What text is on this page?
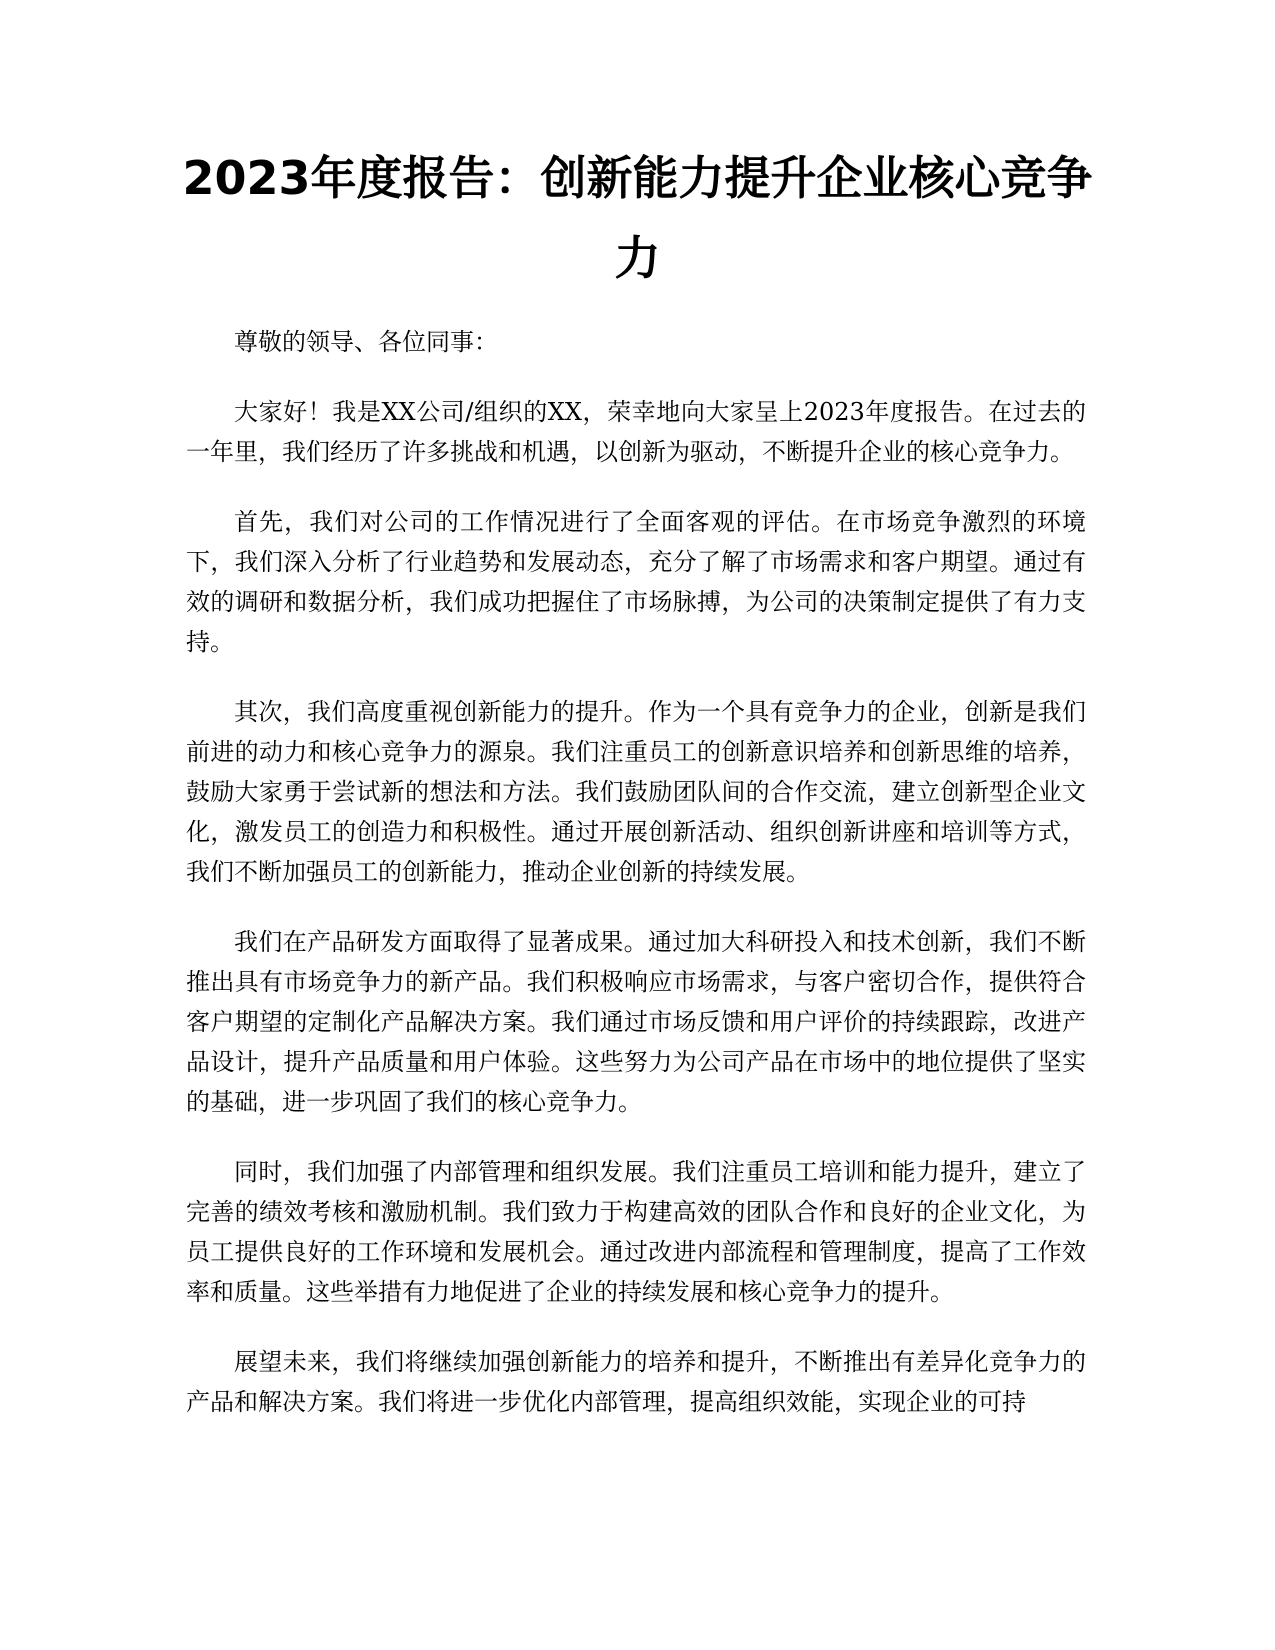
2023年度报告：创新能力提升企业核心竞争力

尊敬的领导、各位同事：

大家好！我是XX公司/组织的XX，荣幸地向大家呈上2023年度报告。在过去的一年里，我们经历了许多挑战和机遇，以创新为驱动，不断提升企业的核心竞争力。

首先，我们对公司的工作情况进行了全面客观的评估。在市场竞争激烈的环境下，我们深入分析了行业趋势和发展动态，充分了解了市场需求和客户期望。通过有效的调研和数据分析，我们成功把握住了市场脉搏，为公司的决策制定提供了有力支持。

其次，我们高度重视创新能力的提升。作为一个具有竞争力的企业，创新是我们前进的动力和核心竞争力的源泉。我们注重员工的创新意识培养和创新思维的培养，鼓励大家勇于尝试新的想法和方法。我们鼓励团队间的合作交流，建立创新型企业文化，激发员工的创造力和积极性。通过开展创新活动、组织创新讲座和培训等方式，我们不断加强员工的创新能力，推动企业创新的持续发展。

我们在产品研发方面取得了显著成果。通过加大科研投入和技术创新，我们不断推出具有市场竞争力的新产品。我们积极响应市场需求，与客户密切合作，提供符合客户期望的定制化产品解决方案。我们通过市场反馈和用户评价的持续跟踪，改进产品设计，提升产品质量和用户体验。这些努力为公司产品在市场中的地位提供了坚实的基础，进一步巩固了我们的核心竞争力。

同时，我们加强了内部管理和组织发展。我们注重员工培训和能力提升，建立了完善的绩效考核和激励机制。我们致力于构建高效的团队合作和良好的企业文化，为员工提供良好的工作环境和发展机会。通过改进内部流程和管理制度，提高了工作效率和质量。这些举措有力地促进了企业的持续发展和核心竞争力的提升。

展望未来，我们将继续加强创新能力的培养和提升，不断推出有差异化竞争力的产品和解决方案。我们将进一步优化内部管理，提高组织效能，实现企业的可持
